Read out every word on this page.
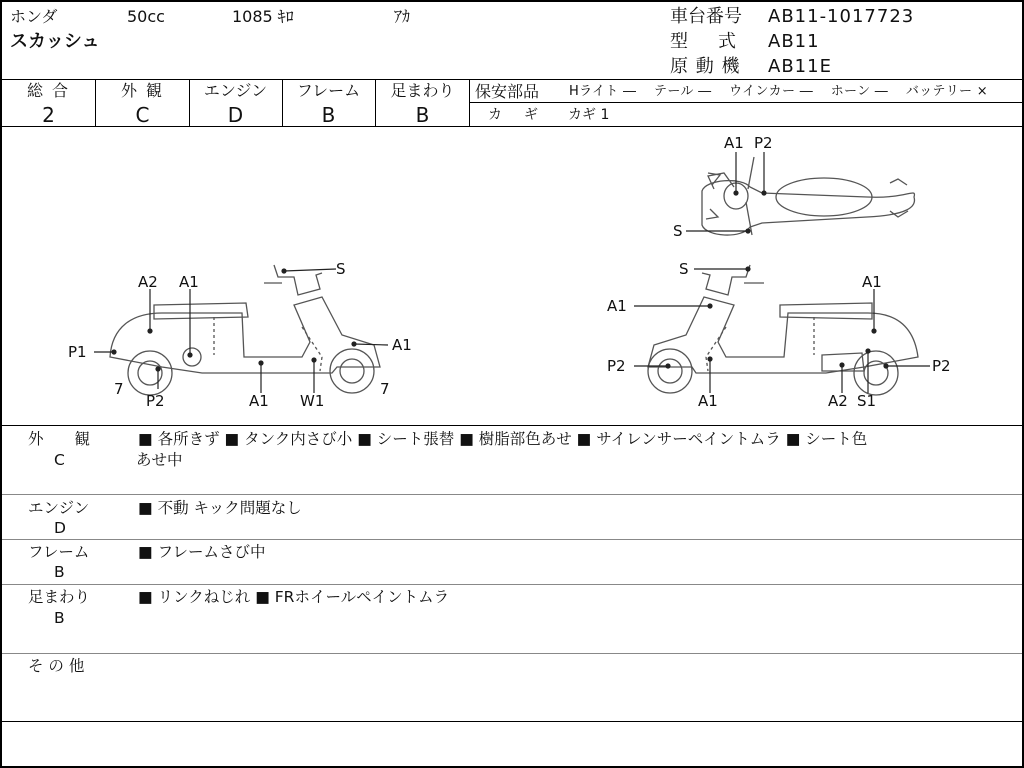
ホンダ	50cc	1085 ｷﾛ	ｱｶ
スカッシュ
車台番号 AB11-1017723
型　式 AB11
原 動 機 AB11E
総 合
2
外 観
C
エンジン
D
フレーム
B
足まわり
B
保安部品 Hライト ―　 テール ―　 ウインカー ―　 ホーン ―　 バッテリー ×
カ　ギ カギ 1
A1 P2
S
S
A2 A1
P1	A1
7
P2	A1 W1
7
S
A1
A1
P2
A1	A2 S1
P2
外　　観
C
■ 各所きず ■ タンク内さび小 ■ シート張替 ■ 樹脂部色あせ ■ サイレンサーペイントムラ ■ シート色
あせ中
エンジン
D
■ 不動 キック問題なし
フレーム
B
■ フレームさび中
足まわり
B
■ リンクねじれ ■ FRホイールペイントムラ
そ の 他
